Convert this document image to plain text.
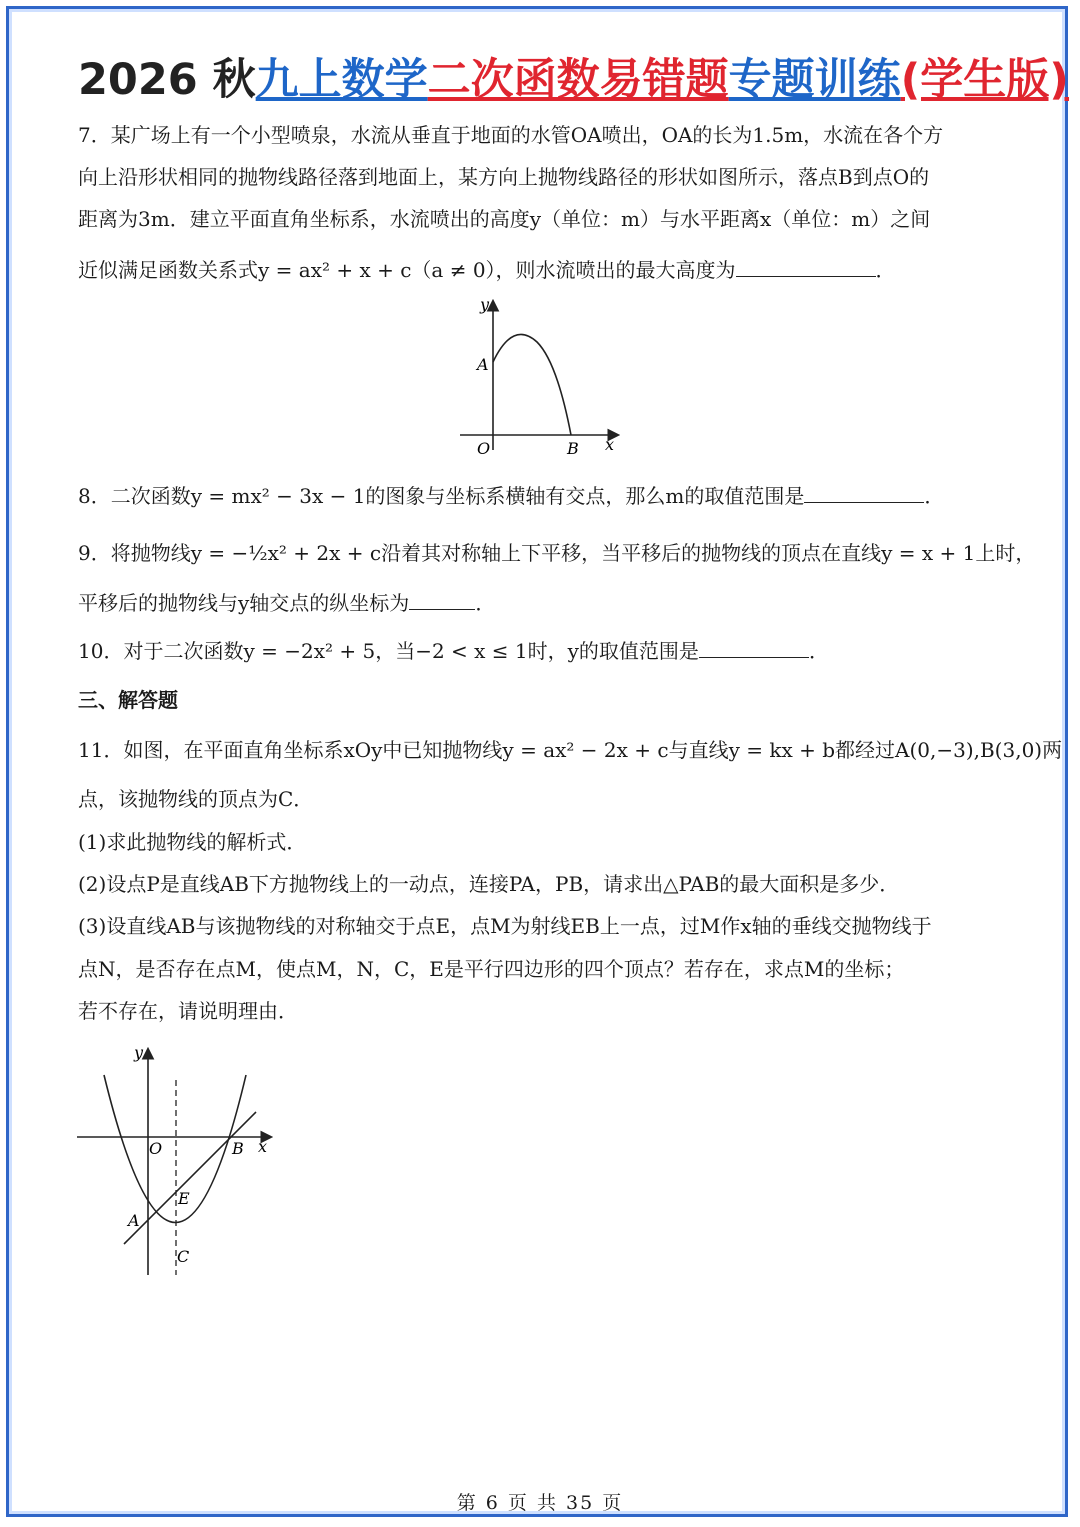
2026 秋九上数学二次函数易错题专题训练(学生版)
7．某广场上有一个小型喷泉，水流从垂直于地面的水管OA喷出，OA的长为1.5m，水流在各个方
向上沿形状相同的抛物线路径落到地面上，某方向上抛物线路径的形状如图所示，落点B到点O的
距离为3m．建立平面直角坐标系，水流喷出的高度y（单位：m）与水平距离x（单位：m）之间
近似满足函数关系式y = ax² + x + c（a ≠ 0），则水流喷出的最大高度为	．
y
A
O	B x
8．二次函数y = mx² − 3x − 1的图象与坐标系横轴有交点，那么m的取值范围是	．
9．将抛物线y = −½x² + 2x + c沿着其对称轴上下平移，当平移后的抛物线的顶点在直线y = x + 1上时，
平移后的抛物线与y轴交点的纵坐标为	．
10．对于二次函数y = −2x² + 5，当−2 < x ≤ 1时，y的取值范围是	．
三、解答题
11．如图，在平面直角坐标系xOy中已知抛物线y = ax² − 2x + c与直线y = kx + b都经过A(0,−3),B(3,0)两
点，该抛物线的顶点为C．
(1)求此抛物线的解析式．
(2)设点P是直线AB下方抛物线上的一动点，连接PA，PB，请求出△PAB的最大面积是多少．
(3)设直线AB与该抛物线的对称轴交于点E，点M为射线EB上一点，过M作x轴的垂线交抛物线于
点N，是否存在点M，使点M，N，C，E是平行四边形的四个顶点？若存在，求点M的坐标；
若不存在，请说明理由．
y
O	B x
E
A
C
第 6 页 共 35 页
